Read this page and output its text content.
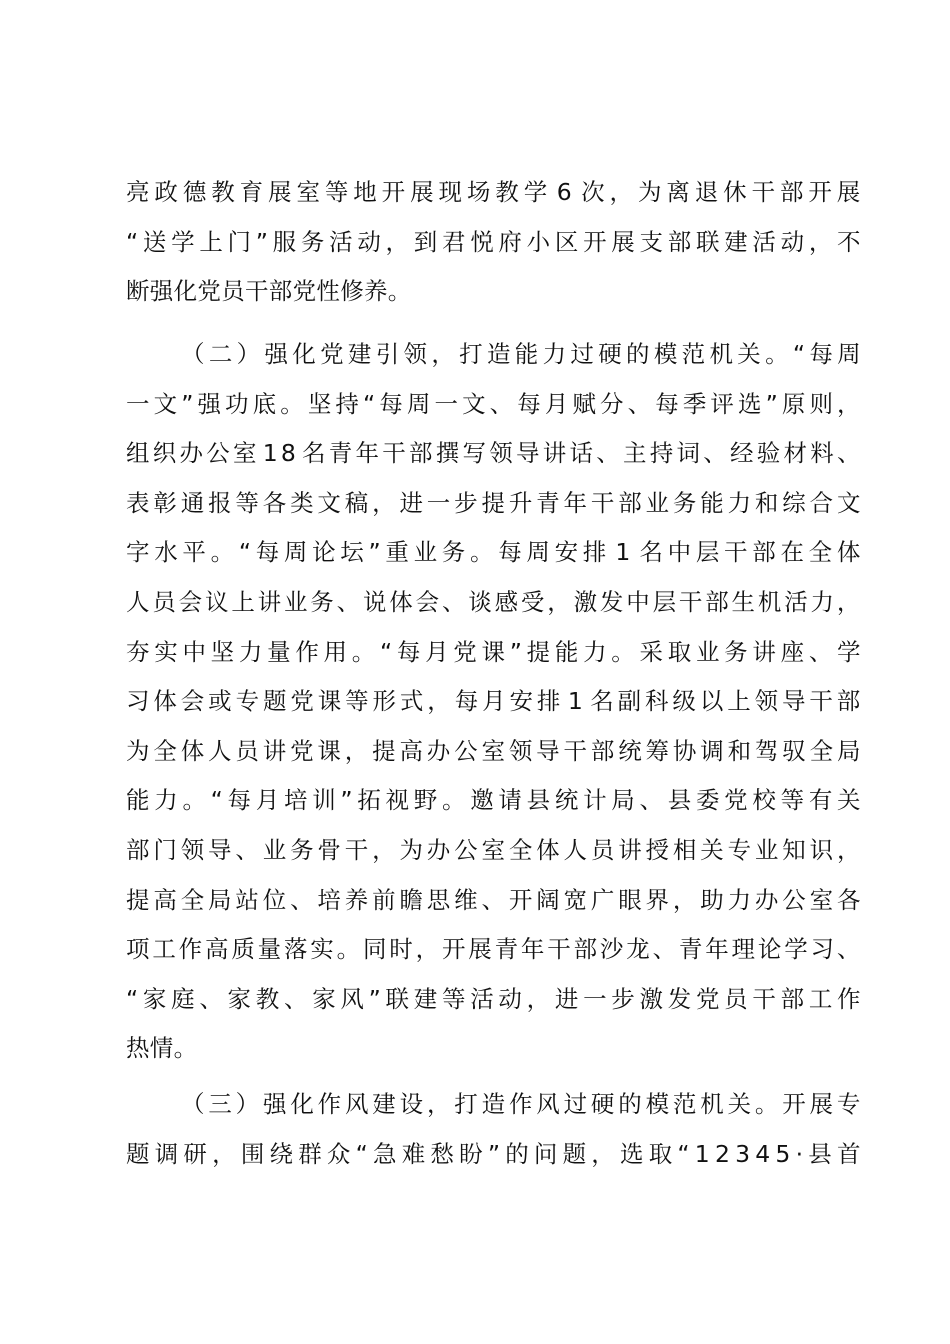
亮 政 德 教 育 展 室 等 地 开 展 现 场 教 学 6 次 ， 为 离 退 休 干 部 开 展
“ 送 学 上 门 ” 服 务 活 动 ， 到 君 悦 府 小 区 开 展 支 部 联 建 活 动 ， 不
断强化党员干部党性修养。
（ 二 ） 强 化 党 建 引 领 ， 打 造 能 力 过 硬 的 模 范 机 关 。 “ 每 周
一 文 ” 强 功 底 。 坚 持 “ 每 周 一 文 、 每 月 赋 分 、 每 季 评 选 ” 原 则 ，
组 织 办 公 室 1 8 名 青 年 干 部 撰 写 领 导 讲 话 、 主 持 词 、 经 验 材 料 、
表 彰 通 报 等 各 类 文 稿 ， 进 一 步 提 升 青 年 干 部 业 务 能 力 和 综 合 文
字 水 平 。 “ 每 周 论 坛 ” 重 业 务 。 每 周 安 排 1 名 中 层 干 部 在 全 体
人 员 会 议 上 讲 业 务 、 说 体 会 、 谈 感 受 ， 激 发 中 层 干 部 生 机 活 力 ，
夯 实 中 坚 力 量 作 用 。 “ 每 月 党 课 ” 提 能 力 。 采 取 业 务 讲 座 、 学
习 体 会 或 专 题 党 课 等 形 式 ， 每 月 安 排 1 名 副 科 级 以 上 领 导 干 部
为 全 体 人 员 讲 党 课 ， 提 高 办 公 室 领 导 干 部 统 筹 协 调 和 驾 驭 全 局
能 力 。 “ 每 月 培 训 ” 拓 视 野 。 邀 请 县 统 计 局 、 县 委 党 校 等 有 关
部 门 领 导 、 业 务 骨 干 ， 为 办 公 室 全 体 人 员 讲 授 相 关 专 业 知 识 ，
提 高 全 局 站 位 、 培 养 前 瞻 思 维 、 开 阔 宽 广 眼 界 ， 助 力 办 公 室 各
项 工 作 高 质 量 落 实 。 同 时 ， 开 展 青 年 干 部 沙 龙 、 青 年 理 论 学 习 、
“ 家 庭 、 家 教 、 家 风 ” 联 建 等 活 动 ， 进 一 步 激 发 党 员 干 部 工 作
热情。
（ 三 ） 强 化 作 风 建 设 ， 打 造 作 风 过 硬 的 模 范 机 关 。 开 展 专
题 调 研 ， 围 绕 群 众 “ 急 难 愁 盼 ” 的 问 题 ， 选 取 “ 1 2 3 4 5 · 县 首
